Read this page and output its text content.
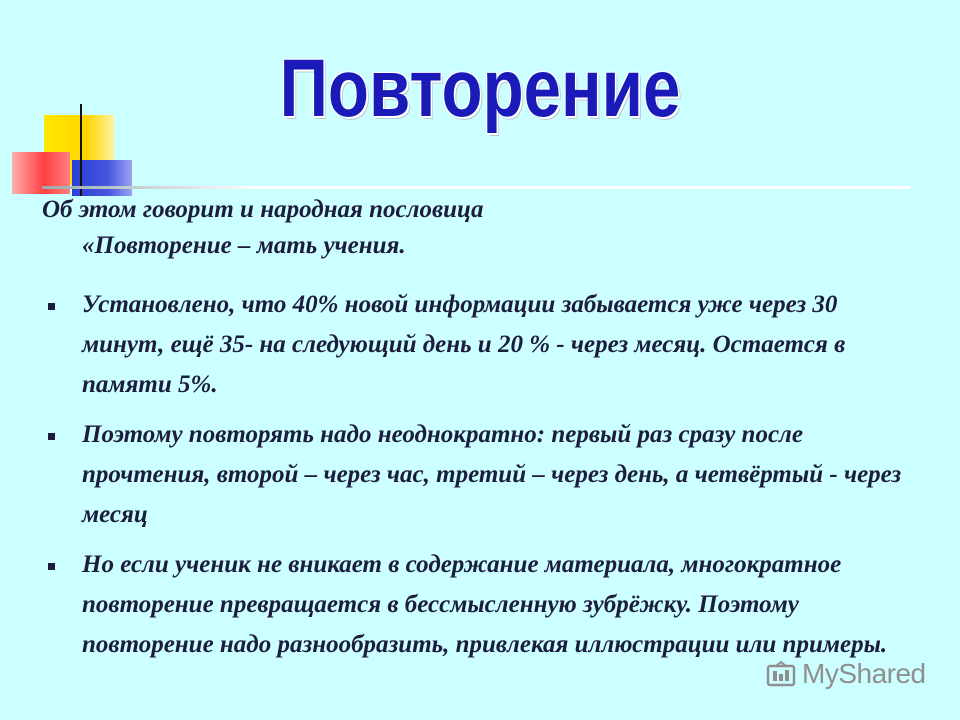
Повторение
Об этом говорит и народная пословица
«Повторение – мать учения.
Установлено, что 40% новой информации забывается уже через 30 минут, ещё 35- на следующий день и 20 % - через месяц. Остается в памяти 5%.
Поэтому повторять надо неоднократно: первый раз сразу после прочтения, второй – через час, третий – через день, а четвёртый - через месяц
Но если ученик не вникает в содержание материала, многократное повторение превращается в бессмысленную зубрёжку. Поэтому повторение надо разнообразить, привлекая иллюстрации или примеры.
MyShared
